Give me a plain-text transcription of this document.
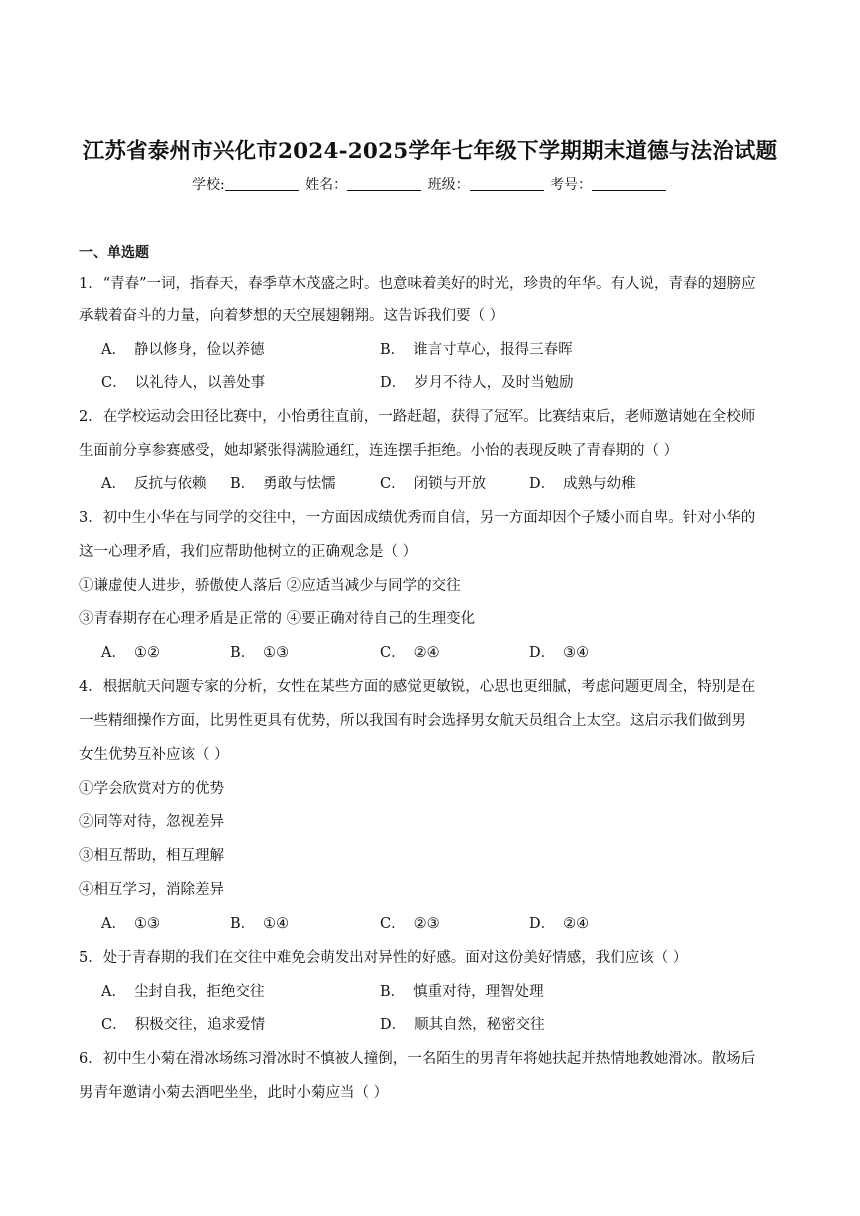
江苏省泰州市兴化市2024-2025学年七年级下学期期末道德与法治试题
学校:	姓名：	班级：	考号：
一、单选题
1．“青春”一词，指春天，春季草木茂盛之时。也意味着美好的时光，珍贵的年华。有人说，青春的翅膀应
承载着奋斗的力量，向着梦想的天空展翅翱翔。这告诉我们要（ ）
A． 静以修身，俭以养德	B． 谁言寸草心，报得三春晖
C． 以礼待人，以善处事	D． 岁月不待人，及时当勉励
2．在学校运动会田径比赛中，小怡勇往直前，一路赶超，获得了冠军。比赛结束后，老师邀请她在全校师
生面前分享参赛感受，她却紧张得满脸通红，连连摆手拒绝。小怡的表现反映了青春期的（ ）
A． 反抗与依赖 B． 勇敢与怯懦	C． 闭锁与开放	D． 成熟与幼稚
3．初中生小华在与同学的交往中，一方面因成绩优秀而自信，另一方面却因个子矮小而自卑。针对小华的
这一心理矛盾，我们应帮助他树立的正确观念是（ ）
①谦虚使人进步，骄傲使人落后 ②应适当减少与同学的交往
③青春期存在心理矛盾是正常的 ④要正确对待自己的生理变化
A． ①②	B． ①③	C． ②④	D． ③④
4．根据航天问题专家的分析，女性在某些方面的感觉更敏锐，心思也更细腻，考虑问题更周全，特别是在
一些精细操作方面，比男性更具有优势，所以我国有时会选择男女航天员组合上太空。这启示我们做到男
女生优势互补应该（ ）
①学会欣赏对方的优势
②同等对待，忽视差异
③相互帮助，相互理解
④相互学习，消除差异
A． ①③	B． ①④	C． ②③	D． ②④
5．处于青春期的我们在交往中难免会萌发出对异性的好感。面对这份美好情感，我们应该（ ）
A． 尘封自我，拒绝交往	B． 慎重对待，理智处理
C． 积极交往，追求爱情	D． 顺其自然，秘密交往
6．初中生小菊在滑冰场练习滑冰时不慎被人撞倒，一名陌生的男青年将她扶起并热情地教她滑冰。散场后
男青年邀请小菊去酒吧坐坐，此时小菊应当（ ）
